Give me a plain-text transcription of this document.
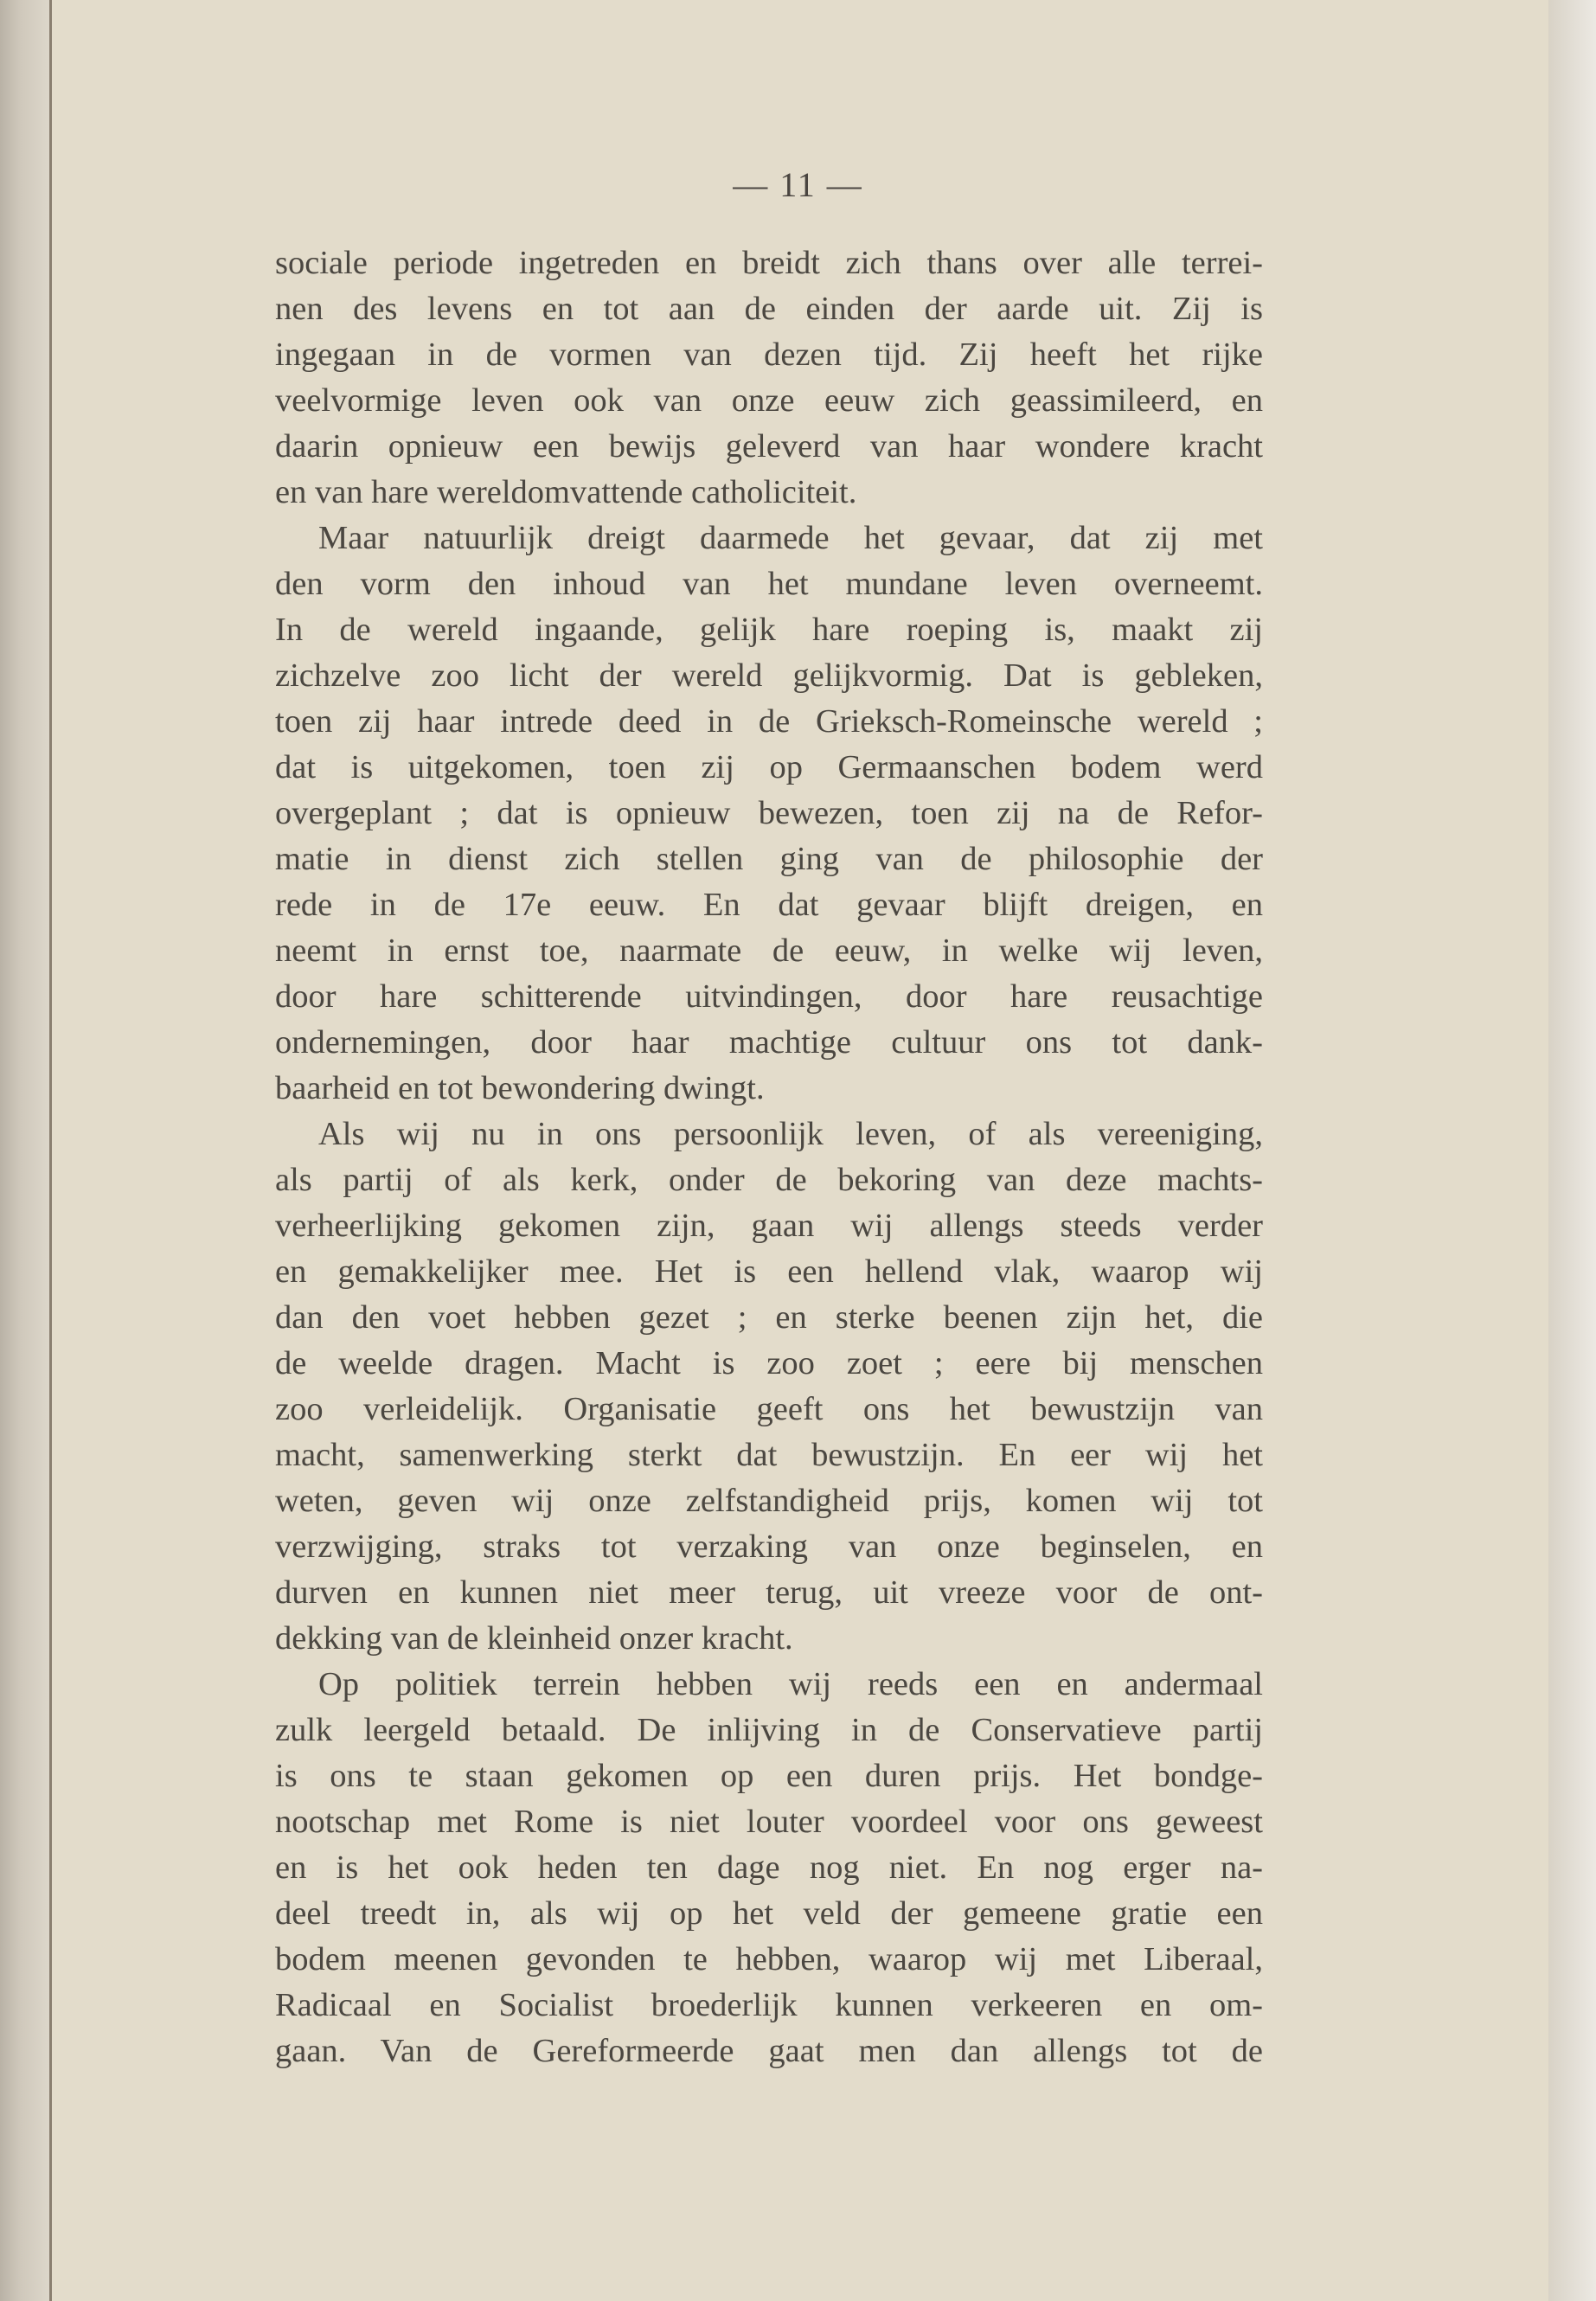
— 11 —
sociale periode ingetreden en breidt zich thans over alle terrei-
nen des levens en tot aan de einden der aarde uit. Zij is
ingegaan in de vormen van dezen tijd. Zij heeft het rijke
veelvormige leven ook van onze eeuw zich geassimileerd, en
daarin opnieuw een bewijs geleverd van haar wondere kracht
en van hare wereldomvattende catholiciteit.
Maar natuurlijk dreigt daarmede het gevaar, dat zij met
den vorm den inhoud van het mundane leven overneemt.
In de wereld ingaande, gelijk hare roeping is, maakt zij
zichzelve zoo licht der wereld gelijkvormig. Dat is gebleken,
toen zij haar intrede deed in de Grieksch-Romeinsche wereld ;
dat is uitgekomen, toen zij op Germaanschen bodem werd
overgeplant ; dat is opnieuw bewezen, toen zij na de Refor-
matie in dienst zich stellen ging van de philosophie der
rede in de 17e eeuw. En dat gevaar blijft dreigen, en
neemt in ernst toe, naarmate de eeuw, in welke wij leven,
door hare schitterende uitvindingen, door hare reusachtige
ondernemingen, door haar machtige cultuur ons tot dank-
baarheid en tot bewondering dwingt.
Als wij nu in ons persoonlijk leven, of als vereeniging,
als partij of als kerk, onder de bekoring van deze machts-
verheerlijking gekomen zijn, gaan wij allengs steeds verder
en gemakkelijker mee. Het is een hellend vlak, waarop wij
dan den voet hebben gezet ; en sterke beenen zijn het, die
de weelde dragen. Macht is zoo zoet ; eere bij menschen
zoo verleidelijk. Organisatie geeft ons het bewustzijn van
macht, samenwerking sterkt dat bewustzijn. En eer wij het
weten, geven wij onze zelfstandigheid prijs, komen wij tot
verzwijging, straks tot verzaking van onze beginselen, en
durven en kunnen niet meer terug, uit vreeze voor de ont-
dekking van de kleinheid onzer kracht.
Op politiek terrein hebben wij reeds een en andermaal
zulk leergeld betaald. De inlijving in de Conservatieve partij
is ons te staan gekomen op een duren prijs. Het bondge-
nootschap met Rome is niet louter voordeel voor ons geweest
en is het ook heden ten dage nog niet. En nog erger na-
deel treedt in, als wij op het veld der gemeene gratie een
bodem meenen gevonden te hebben, waarop wij met Liberaal,
Radicaal en Socialist broederlijk kunnen verkeeren en om-
gaan. Van de Gereformeerde gaat men dan allengs tot de
